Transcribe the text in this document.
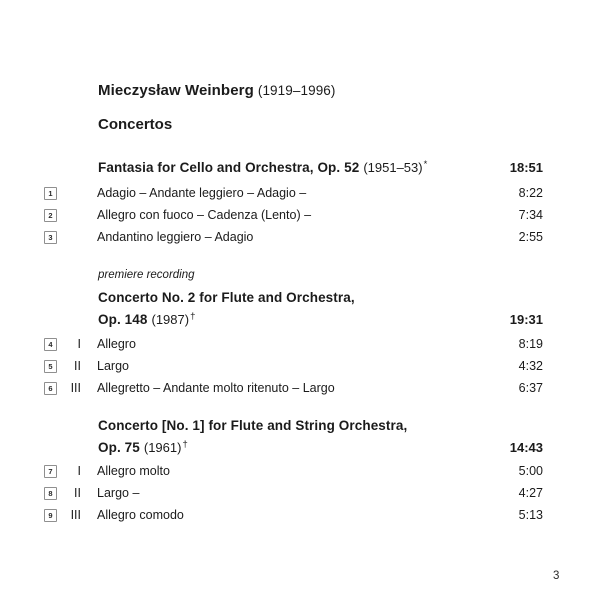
Mieczysław Weinberg (1919–1996)
Concertos
Fantasia for Cello and Orchestra, Op. 52 (1951–53)*	18:51
1	Adagio – Andante leggiero – Adagio –	8:22
2	Allegro con fuoco – Cadenza (Lento) –	7:34
3	Andantino leggiero – Adagio	2:55
premiere recording
Concerto No. 2 for Flute and Orchestra,
Op. 148 (1987)†	19:31
4	I Allegro	8:19
5	II Largo	4:32
6	III Allegretto – Andante molto ritenuto – Largo	6:37
Concerto [No. 1] for Flute and String Orchestra,
Op. 75 (1961)†	14:43
7	I Allegro molto	5:00
8	II Largo –	4:27
9	III Allegro comodo	5:13
3
